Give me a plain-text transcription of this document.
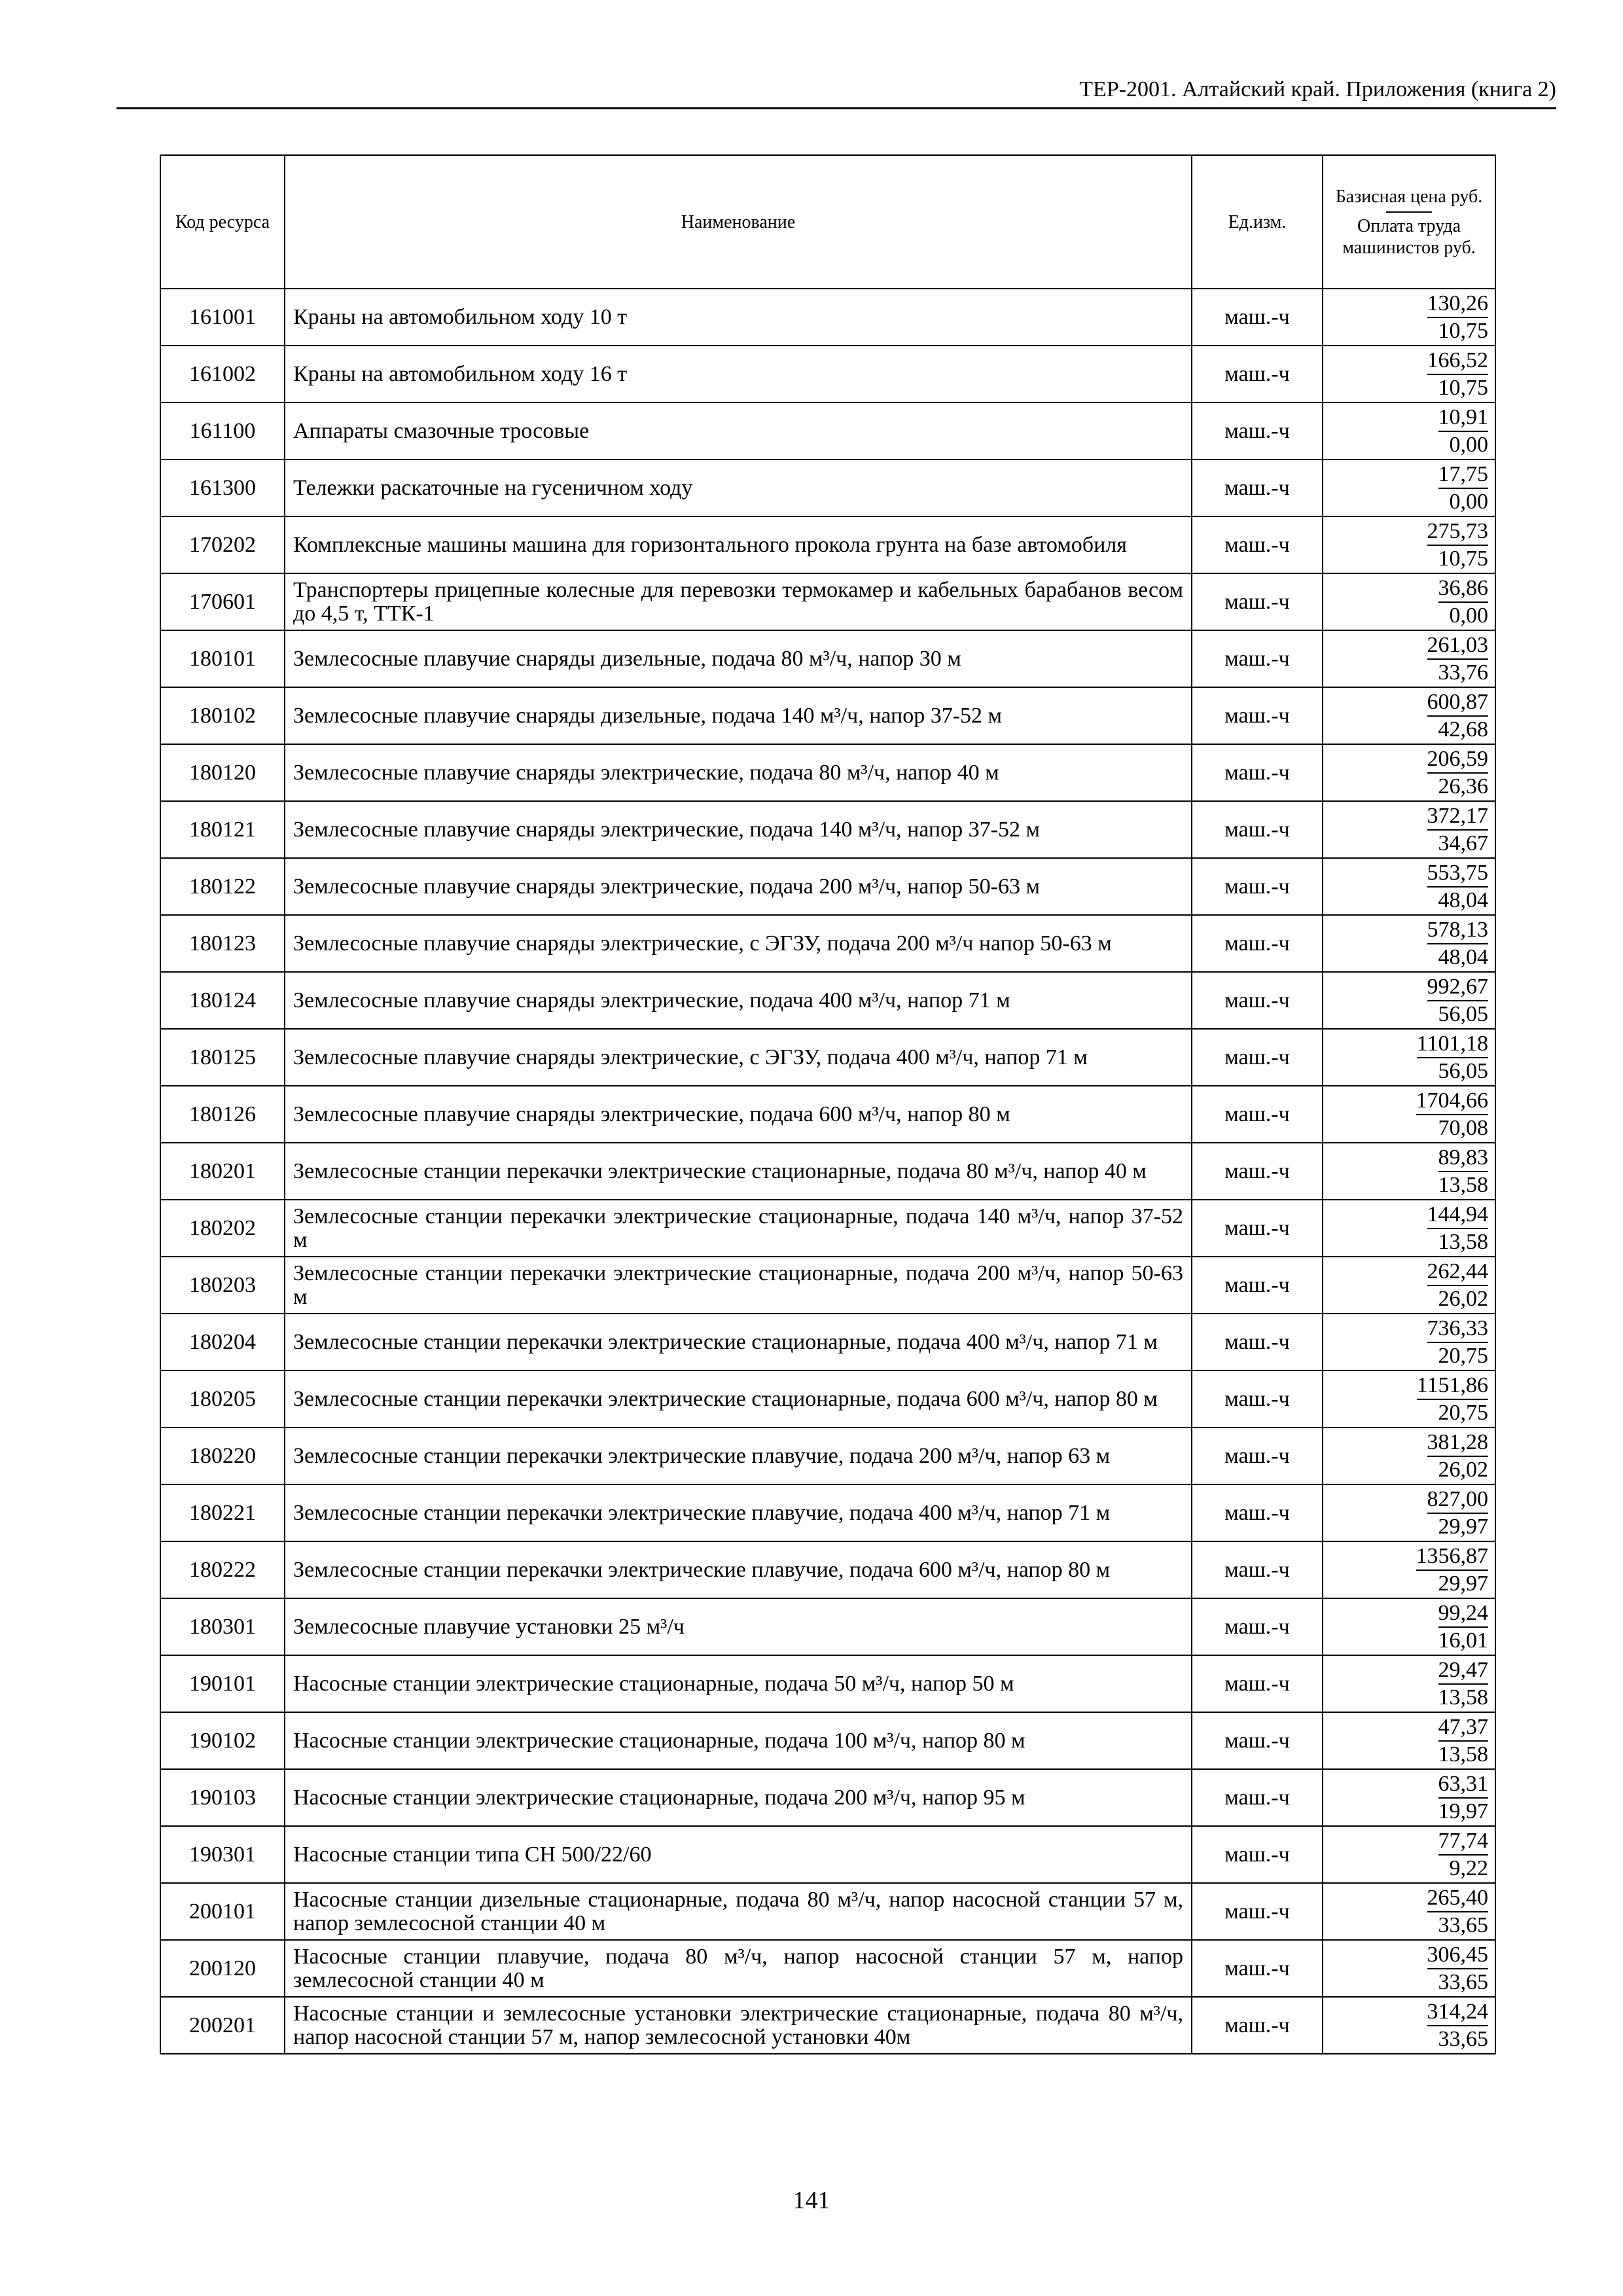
ТЕР-2001. Алтайский край. Приложения (книга 2)
Код ресурса	Наименование	Ед.изм.	Базисная цена руб.
Оплата труда машинистов руб.

161001	Краны на автомобильном ходу 10 т	маш.-ч	$\frac{130,26}{10,75}$

161002	Краны на автомобильном ходу 16 т	маш.-ч	$\frac{166,52}{10,75}$

161100	Аппараты смазочные тросовые	маш.-ч	$\frac{10,91}{0,00}$

161300	Тележки раскаточные на гусеничном ходу	маш.-ч	$\frac{17,75}{0,00}$

170202	Комплексные машины машина для горизонтального прокола грунта на базе автомобиля	маш.-ч	$\frac{275,73}{10,75}$

170601	Транспортеры прицепные колесные для перевозки термокамер и кабельных барабанов весом до 4,5 т, ТТК-1	маш.-ч	$\frac{36,86}{0,00}$

180101	Землесосные плавучие снаряды дизельные, подача 80 м³/ч, напор 30 м	маш.-ч	$\frac{261,03}{33,76}$

180102	Землесосные плавучие снаряды дизельные, подача 140 м³/ч, напор 37-52 м	маш.-ч	$\frac{600,87}{42,68}$

180120	Землесосные плавучие снаряды электрические, подача 80 м³/ч, напор 40 м	маш.-ч	$\frac{206,59}{26,36}$

180121	Землесосные плавучие снаряды электрические, подача 140 м³/ч, напор 37-52 м	маш.-ч	$\frac{372,17}{34,67}$

180122	Землесосные плавучие снаряды электрические, подача 200 м³/ч, напор 50-63 м	маш.-ч	$\frac{553,75}{48,04}$

180123	Землесосные плавучие снаряды электрические, с ЭГЗУ, подача 200 м³/ч напор 50-63 м	маш.-ч	$\frac{578,13}{48,04}$

180124	Землесосные плавучие снаряды электрические, подача 400 м³/ч, напор 71 м	маш.-ч	$\frac{992,67}{56,05}$

180125	Землесосные плавучие снаряды электрические, с ЭГЗУ, подача 400 м³/ч, напор 71 м	маш.-ч	$\frac{1101,18}{56,05}$

180126	Землесосные плавучие снаряды электрические, подача 600 м³/ч, напор 80 м	маш.-ч	$\frac{1704,66}{70,08}$

180201	Землесосные станции перекачки электрические стационарные, подача 80 м³/ч, напор 40 м	маш.-ч	$\frac{89,83}{13,58}$

180202	Землесосные станции перекачки электрические стационарные, подача 140 м³/ч, напор 37-52 м	маш.-ч	$\frac{144,94}{13,58}$

180203	Землесосные станции перекачки электрические стационарные, подача 200 м³/ч, напор 50-63 м	маш.-ч	$\frac{262,44}{26,02}$

180204	Землесосные станции перекачки электрические стационарные, подача 400 м³/ч, напор 71 м	маш.-ч	$\frac{736,33}{20,75}$

180205	Землесосные станции перекачки электрические стационарные, подача 600 м³/ч, напор 80 м	маш.-ч	$\frac{1151,86}{20,75}$

180220	Землесосные станции перекачки электрические плавучие, подача 200 м³/ч, напор 63 м	маш.-ч	$\frac{381,28}{26,02}$

180221	Землесосные станции перекачки электрические плавучие, подача 400 м³/ч, напор 71 м	маш.-ч	$\frac{827,00}{29,97}$

180222	Землесосные станции перекачки электрические плавучие, подача 600 м³/ч, напор 80 м	маш.-ч	$\frac{1356,87}{29,97}$

180301	Землесосные плавучие установки 25 м³/ч	маш.-ч	$\frac{99,24}{16,01}$

190101	Насосные станции электрические стационарные, подача 50 м³/ч, напор 50 м	маш.-ч	$\frac{29,47}{13,58}$

190102	Насосные станции электрические стационарные, подача 100 м³/ч, напор 80 м	маш.-ч	$\frac{47,37}{13,58}$

190103	Насосные станции электрические стационарные, подача 200 м³/ч, напор 95 м	маш.-ч	$\frac{63,31}{19,97}$

190301	Насосные станции типа СН 500/22/60	маш.-ч	$\frac{77,74}{9,22}$

200101	Насосные станции дизельные стационарные, подача 80 м³/ч, напор насосной станции 57 м, напор землесосной станции 40 м	маш.-ч	$\frac{265,40}{33,65}$

200120	Насосные станции плавучие, подача 80 м³/ч, напор насосной станции 57 м, напор землесосной станции 40 м	маш.-ч	$\frac{306,45}{33,65}$

200201	Насосные станции и землесосные установки электрические стационарные, подача 80 м³/ч, напор насосной станции 57 м, напор землесосной установки 40м	маш.-ч	$\frac{314,24}{33,65}$
141
